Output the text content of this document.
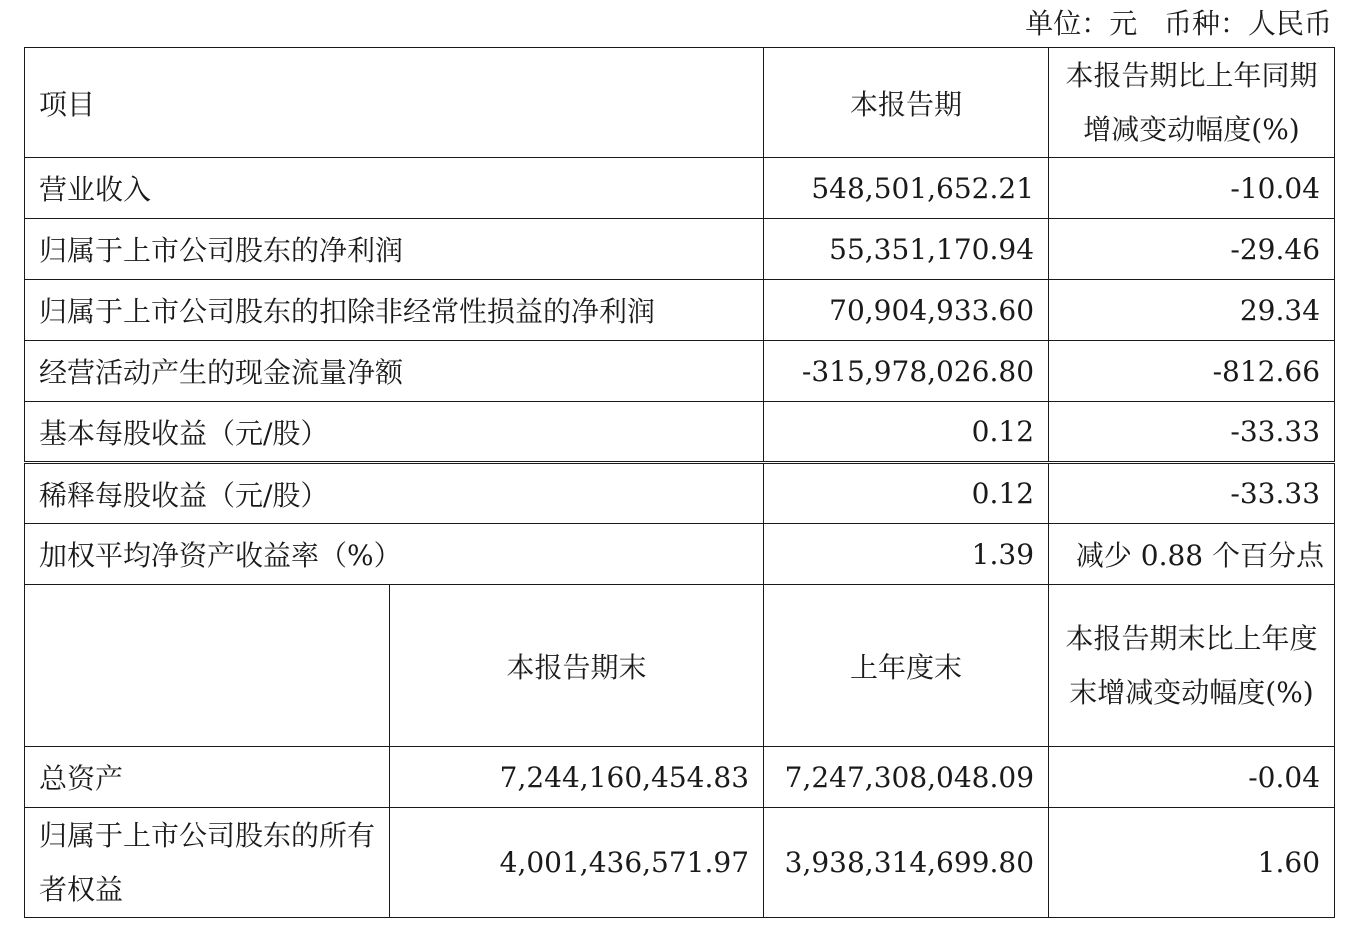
单位：元   币种：人民币
项目		本报告期	本报告期比上年同期增减变动幅度(%)
营业收入		548,501,652.21	-10.04
归属于上市公司股东的净利润		55,351,170.94	-29.46
归属于上市公司股东的扣除非经常性损益的净利润		70,904,933.60	29.34
经营活动产生的现金流量净额		-315,978,026.80	-812.66
基本每股收益（元/股）		0.12	-33.33
稀释每股收益（元/股）		0.12	-33.33
加权平均净资产收益率（%）		1.39	减少 0.88 个百分点
	本报告期末	上年度末	本报告期末比上年度末增减变动幅度(%)
总资产	7,244,160,454.83	7,247,308,048.09	-0.04
归属于上市公司股东的所有者权益	4,001,436,571.97	3,938,314,699.80	1.60
